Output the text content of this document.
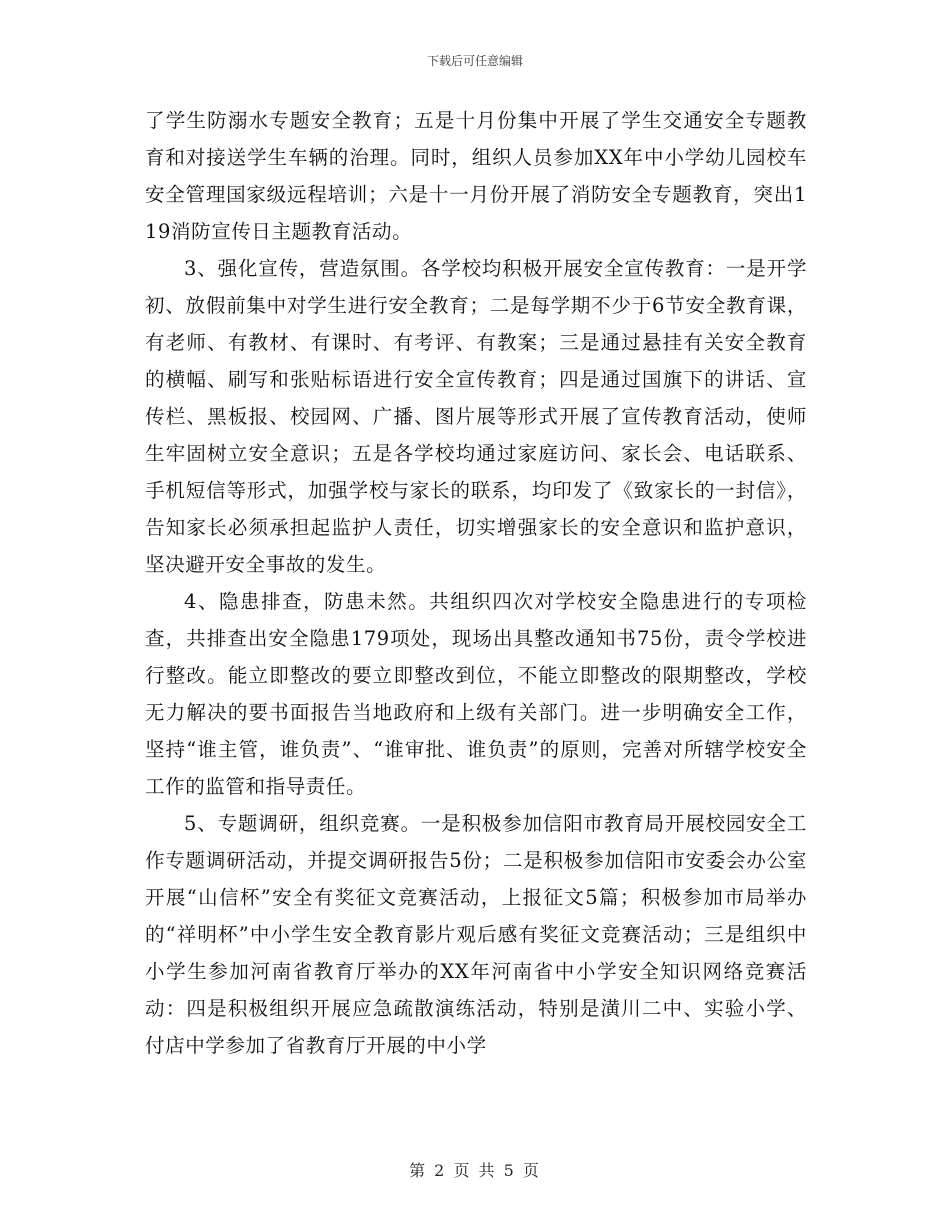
下载后可任意编辑

了学生防溺水专题安全教育；五是十月份集中开展了学生交通安全专题教育和对接送学生车辆的治理。同时，组织人员参加XX年中小学幼儿园校车安全管理国家级远程培训；六是十一月份开展了消防安全专题教育，突出119消防宣传日主题教育活动。

3、强化宣传，营造氛围。各学校均积极开展安全宣传教育：一是开学初、放假前集中对学生进行安全教育；二是每学期不少于6节安全教育课，有老师、有教材、有课时、有考评、有教案；三是通过悬挂有关安全教育的横幅、刷写和张贴标语进行安全宣传教育；四是通过国旗下的讲话、宣传栏、黑板报、校园网、广播、图片展等形式开展了宣传教育活动，使师生牢固树立安全意识；五是各学校均通过家庭访问、家长会、电话联系、手机短信等形式，加强学校与家长的联系，均印发了《致家长的一封信》，告知家长必须承担起监护人责任，切实增强家长的安全意识和监护意识，坚决避开安全事故的发生。

4、隐患排查，防患未然。共组织四次对学校安全隐患进行的专项检查，共排查出安全隐患179项处，现场出具整改通知书75份，责令学校进行整改。能立即整改的要立即整改到位，不能立即整改的限期整改，学校无力解决的要书面报告当地政府和上级有关部门。进一步明确安全工作，坚持“谁主管，谁负责”、“谁审批、谁负责”的原则，完善对所辖学校安全工作的监管和指导责任。

5、专题调研，组织竞赛。一是积极参加信阳市教育局开展校园安全工作专题调研活动，并提交调研报告5份；二是积极参加信阳市安委会办公室开展“山信杯”安全有奖征文竞赛活动，上报征文5篇；积极参加市局举办的“祥明杯”中小学生安全教育影片观后感有奖征文竞赛活动；三是组织中小学生参加河南省教育厅举办的XX年河南省中小学安全知识网络竞赛活动：四是积极组织开展应急疏散演练活动，特别是潢川二中、实验小学、付店中学参加了省教育厅开展的中小学

第 2 页 共 5 页
